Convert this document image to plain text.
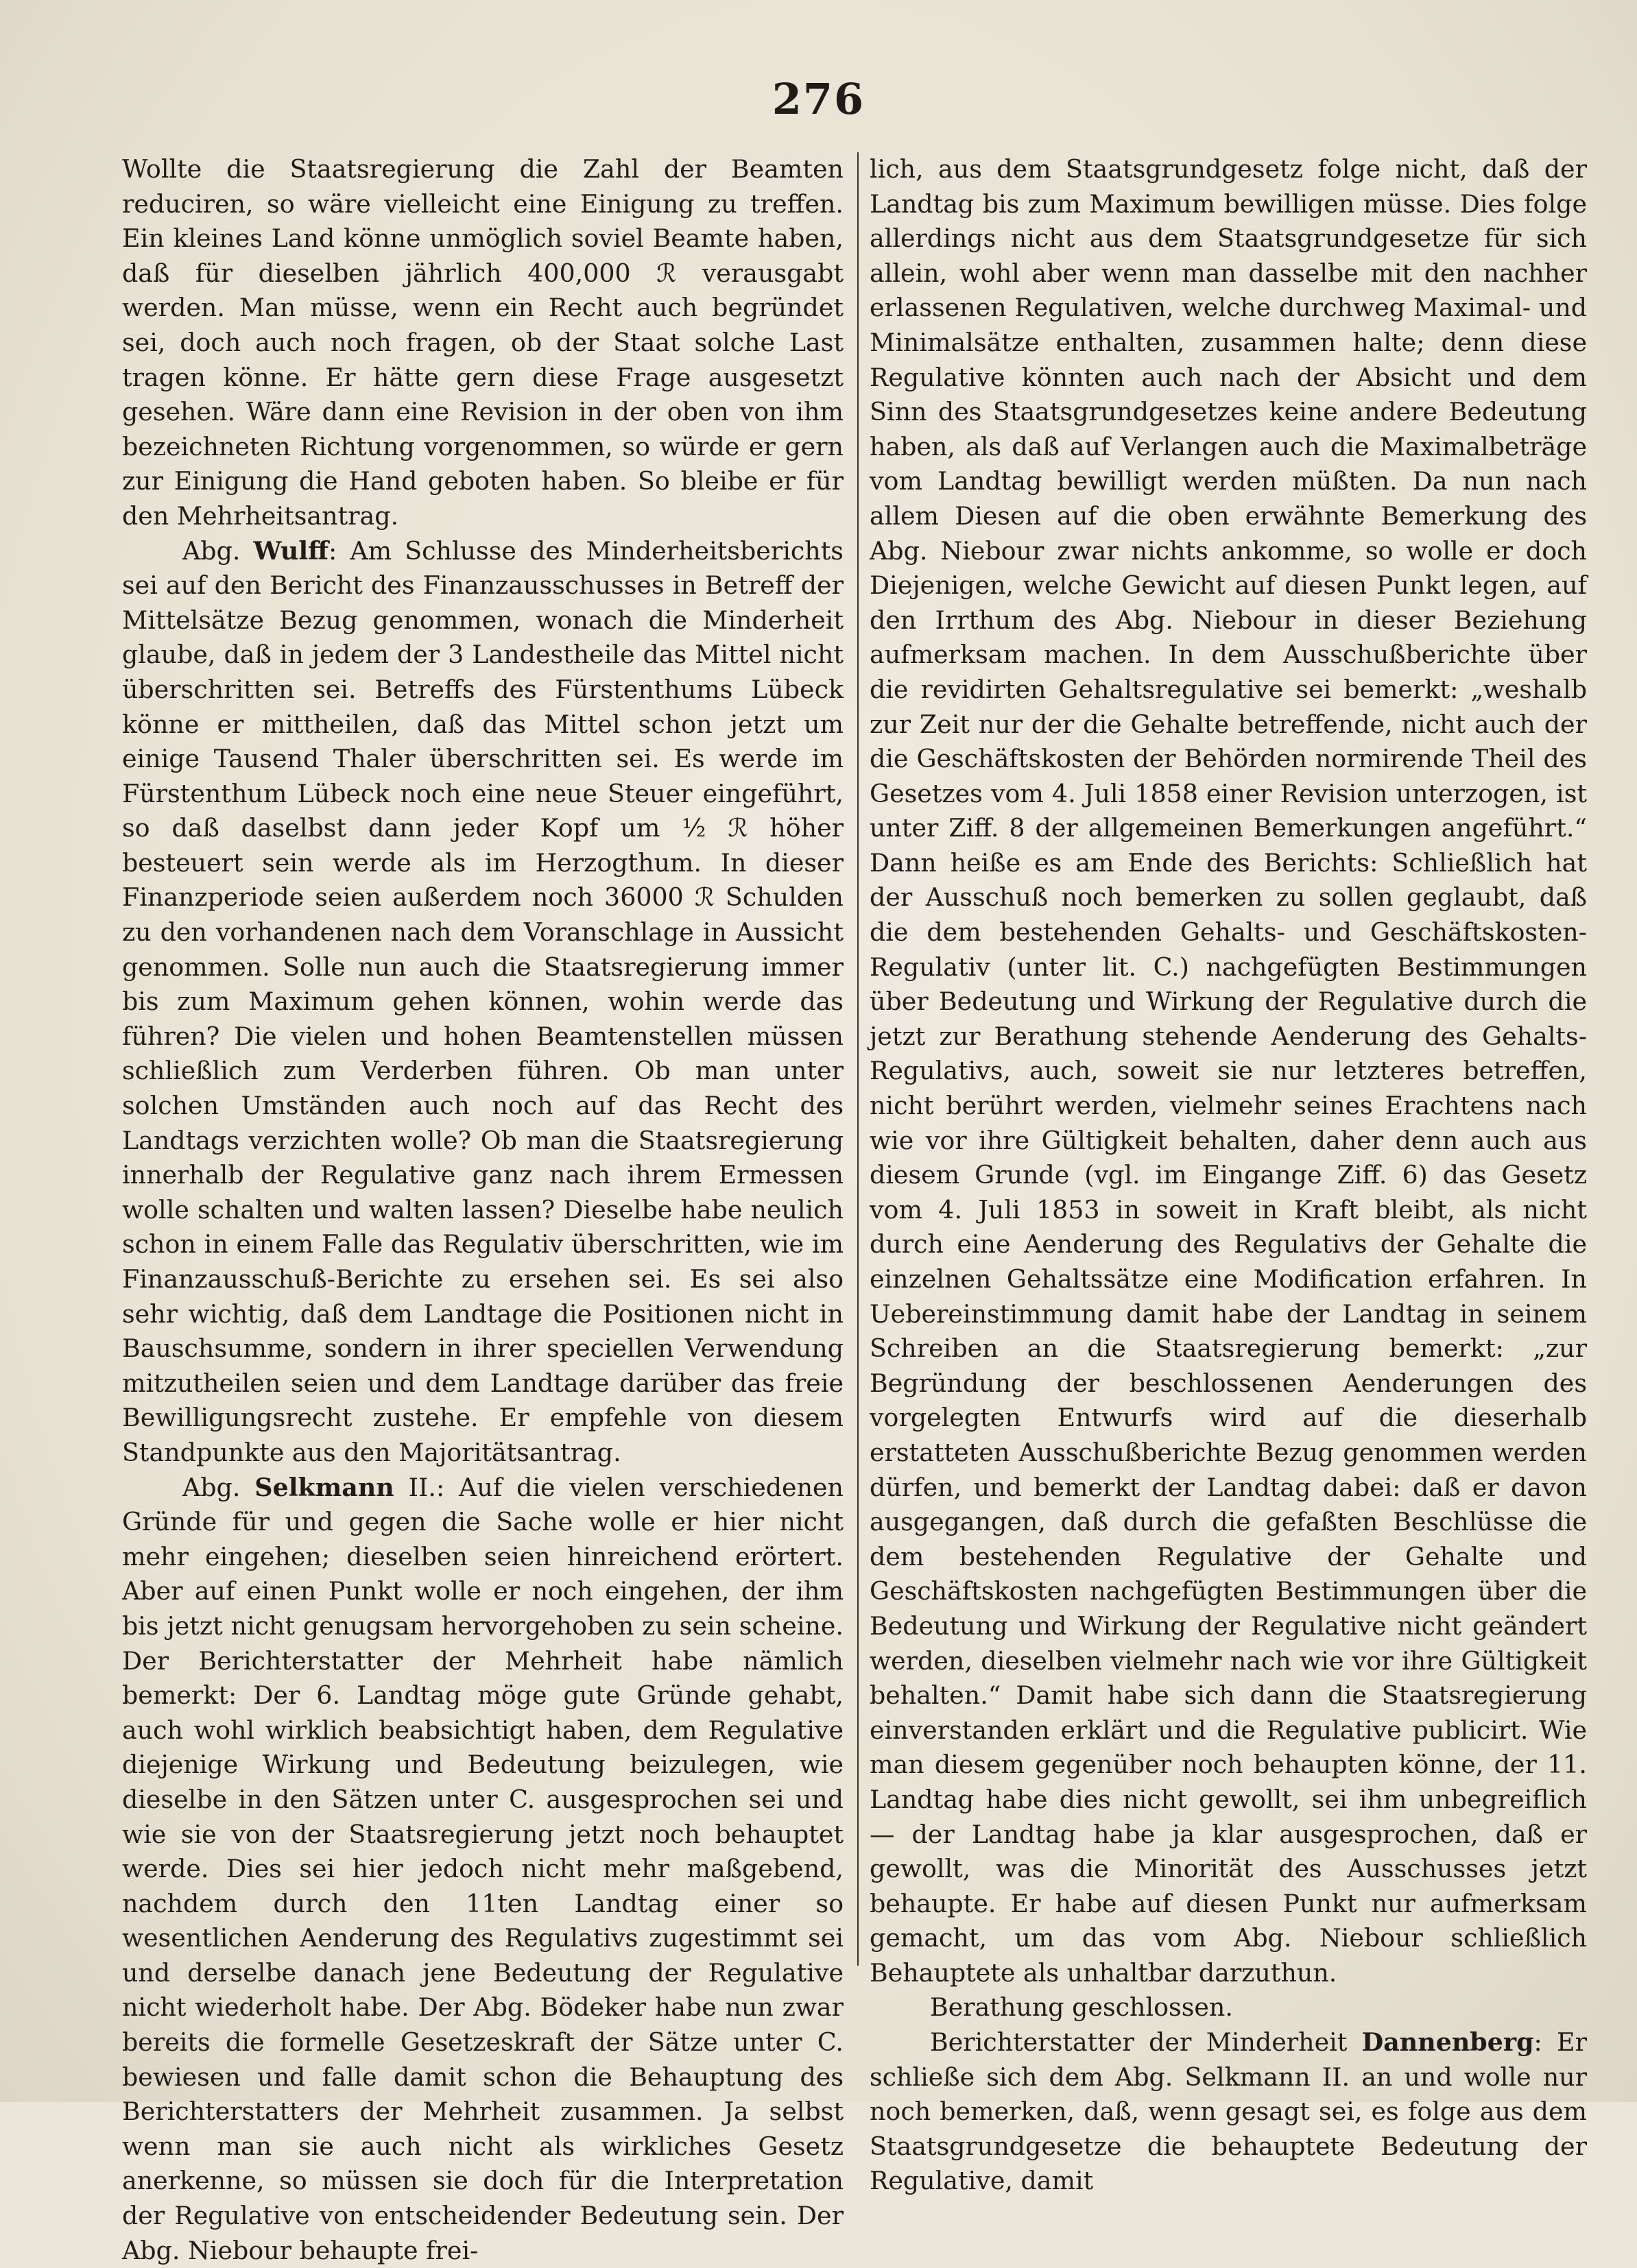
276

Wollte die Staatsregierung die Zahl der Beamten reduciren, so wäre vielleicht eine Einigung zu treffen. Ein kleines Land könne unmöglich soviel Beamte haben, daß für dieselben jährlich 400,000 ℛ verausgabt werden. Man müsse, wenn ein Recht auch begründet sei, doch auch noch fragen, ob der Staat solche Last tragen könne. Er hätte gern diese Frage ausgesetzt gesehen. Wäre dann eine Revision in der oben von ihm bezeichneten Richtung vorgenommen, so würde er gern zur Einigung die Hand geboten haben. So bleibe er für den Mehrheitsantrag.

Abg. Wulff: Am Schlusse des Minderheitsberichts sei auf den Bericht des Finanzausschusses in Betreff der Mittelsätze Bezug genommen, wonach die Minderheit glaube, daß in jedem der 3 Landestheile das Mittel nicht überschritten sei. Betreffs des Fürstenthums Lübeck könne er mittheilen, daß das Mittel schon jetzt um einige Tausend Thaler überschritten sei. Es werde im Fürstenthum Lübeck noch eine neue Steuer eingeführt, so daß daselbst dann jeder Kopf um ½ ℛ höher besteuert sein werde als im Herzogthum. In dieser Finanzperiode seien außerdem noch 36000 ℛ Schulden zu den vorhandenen nach dem Voranschlage in Aussicht genommen. Solle nun auch die Staatsregierung immer bis zum Maximum gehen können, wohin werde das führen? Die vielen und hohen Beamtenstellen müssen schließlich zum Verderben führen. Ob man unter solchen Umständen auch noch auf das Recht des Landtags verzichten wolle? Ob man die Staatsregierung innerhalb der Regulative ganz nach ihrem Ermessen wolle schalten und walten lassen? Dieselbe habe neulich schon in einem Falle das Regulativ überschritten, wie im Finanzausschuß-Berichte zu ersehen sei. Es sei also sehr wichtig, daß dem Landtage die Positionen nicht in Bauschsumme, sondern in ihrer speciellen Verwendung mitzutheilen seien und dem Landtage darüber das freie Bewilligungsrecht zustehe. Er empfehle von diesem Standpunkte aus den Majoritätsantrag.

Abg. Selkmann II.: Auf die vielen verschiedenen Gründe für und gegen die Sache wolle er hier nicht mehr eingehen; dieselben seien hinreichend erörtert. Aber auf einen Punkt wolle er noch eingehen, der ihm bis jetzt nicht genugsam hervorgehoben zu sein scheine. Der Berichterstatter der Mehrheit habe nämlich bemerkt: Der 6. Landtag möge gute Gründe gehabt, auch wohl wirklich beabsichtigt haben, dem Regulative diejenige Wirkung und Bedeutung beizulegen, wie dieselbe in den Sätzen unter C. ausgesprochen sei und wie sie von der Staatsregierung jetzt noch behauptet werde. Dies sei hier jedoch nicht mehr maßgebend, nachdem durch den 11ten Landtag einer so wesentlichen Aenderung des Regulativs zugestimmt sei und derselbe danach jene Bedeutung der Regulative nicht wiederholt habe. Der Abg. Bödeker habe nun zwar bereits die formelle Gesetzeskraft der Sätze unter C. bewiesen und falle damit schon die Behauptung des Berichterstatters der Mehrheit zusammen. Ja selbst wenn man sie auch nicht als wirkliches Gesetz anerkenne, so müssen sie doch für die Interpretation der Regulative von entscheidender Bedeutung sein. Der Abg. Niebour behaupte frei-

lich, aus dem Staatsgrundgesetz folge nicht, daß der Landtag bis zum Maximum bewilligen müsse. Dies folge allerdings nicht aus dem Staatsgrundgesetze für sich allein, wohl aber wenn man dasselbe mit den nachher erlassenen Regulativen, welche durchweg Maximal- und Minimalsätze enthalten, zusammen halte; denn diese Regulative könnten auch nach der Absicht und dem Sinn des Staatsgrundgesetzes keine andere Bedeutung haben, als daß auf Verlangen auch die Maximalbeträge vom Landtag bewilligt werden müßten. Da nun nach allem Diesen auf die oben erwähnte Bemerkung des Abg. Niebour zwar nichts ankomme, so wolle er doch Diejenigen, welche Gewicht auf diesen Punkt legen, auf den Irrthum des Abg. Niebour in dieser Beziehung aufmerksam machen. In dem Ausschußberichte über die revidirten Gehaltsregulative sei bemerkt: „weshalb zur Zeit nur der die Gehalte betreffende, nicht auch der die Geschäftskosten der Behörden normirende Theil des Gesetzes vom 4. Juli 1858 einer Revision unterzogen, ist unter Ziff. 8 der allgemeinen Bemerkungen angeführt.“ Dann heiße es am Ende des Berichts: Schließlich hat der Ausschuß noch bemerken zu sollen geglaubt, daß die dem bestehenden Gehalts- und Geschäftskosten-Regulativ (unter lit. C.) nachgefügten Bestimmungen über Bedeutung und Wirkung der Regulative durch die jetzt zur Berathung stehende Aenderung des Gehalts-Regulativs, auch, soweit sie nur letzteres betreffen, nicht berührt werden, vielmehr seines Erachtens nach wie vor ihre Gültigkeit behalten, daher denn auch aus diesem Grunde (vgl. im Eingange Ziff. 6) das Gesetz vom 4. Juli 1853 in soweit in Kraft bleibt, als nicht durch eine Aenderung des Regulativs der Gehalte die einzelnen Gehaltssätze eine Modification erfahren. In Uebereinstimmung damit habe der Landtag in seinem Schreiben an die Staatsregierung bemerkt: „zur Begründung der beschlossenen Aenderungen des vorgelegten Entwurfs wird auf die dieserhalb erstatteten Ausschußberichte Bezug genommen werden dürfen, und bemerkt der Landtag dabei: daß er davon ausgegangen, daß durch die gefaßten Beschlüsse die dem bestehenden Regulative der Gehalte und Geschäftskosten nachgefügten Bestimmungen über die Bedeutung und Wirkung der Regulative nicht geändert werden, dieselben vielmehr nach wie vor ihre Gültigkeit behalten.“ Damit habe sich dann die Staatsregierung einverstanden erklärt und die Regulative publicirt. Wie man diesem gegenüber noch behaupten könne, der 11. Landtag habe dies nicht gewollt, sei ihm unbegreiflich — der Landtag habe ja klar ausgesprochen, daß er gewollt, was die Minorität des Ausschusses jetzt behaupte. Er habe auf diesen Punkt nur aufmerksam gemacht, um das vom Abg. Niebour schließlich Behauptete als unhaltbar darzuthun.

Berathung geschlossen.

Berichterstatter der Minderheit Dannenberg: Er schließe sich dem Abg. Selkmann II. an und wolle nur noch bemerken, daß, wenn gesagt sei, es folge aus dem Staatsgrundgesetze die behauptete Bedeutung der Regulative, damit
